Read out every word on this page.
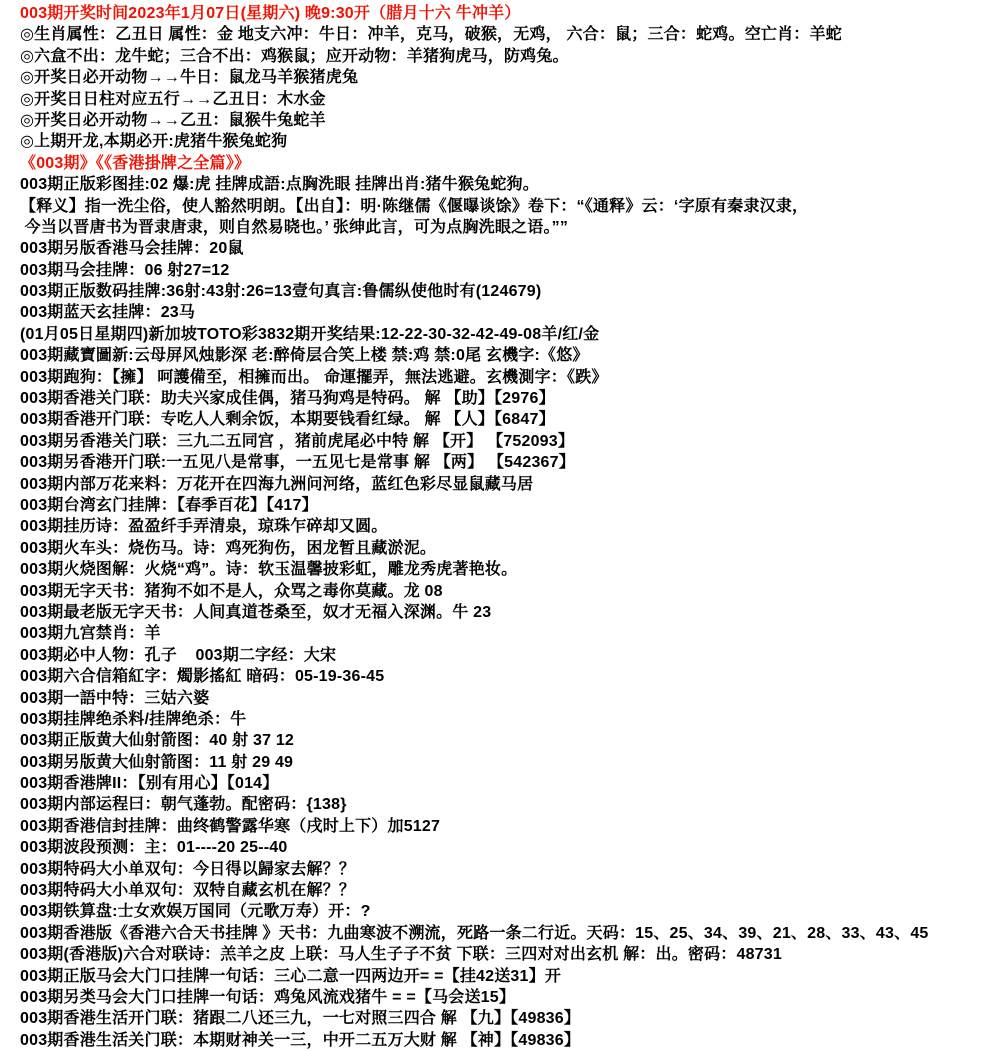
003期开奖时间2023年1月07日(星期六) 晚9:30开（腊月十六 牛冲羊）
◎生肖属性：乙丑日 属性：金 地支六冲：牛日：冲羊，克马，破猴，无鸡， 六合：鼠；三合：蛇鸡。空亡肖：羊蛇
◎六盒不出：龙牛蛇；三合不出：鸡猴鼠；应开动物：羊猪狗虎马，防鸡兔。
◎开奖日必开动物→→牛日：鼠龙马羊猴猪虎兔
◎开奖日日柱对应五行→→乙丑日：木水金
◎开奖日必开动物→→乙丑：鼠猴牛兔蛇羊
◎上期开龙,本期必开:虎猪牛猴兔蛇狗
《003期》《《香港掛牌之全篇》》
003期正版彩图挂:02 爆:虎 挂牌成語:点胸洗眼 挂牌出肖:猪牛猴兔蛇狗。
【释义】指一洗尘俗，使人豁然明朗。【出自】：明·陈继儒《偃曝谈馀》卷下：“《通释》云：‘字原有秦隶汉隶，
今当以晋唐书为晋隶唐隶，则自然易晓也。’ 张绅此言，可为点胸洗眼之语。””
003期另版香港马会挂牌：20鼠
003期马会挂牌：06 射27=12
003期正版数码挂牌:36射:43射:26=13壹句真言:鲁儒纵使他时有(124679)
003期蓝天玄挂牌：23马
(01月05日星期四)新加坡TOTO彩3832期开奖结果:12-22-30-32-42-49-08羊/红/金
003期藏寶圖新:云母屏风烛影深 老:醉倚层合笑上楼 禁:鸡 禁:0尾 玄機字:《悠》
003期跑狗：【擁】 呵護備至，相擁而出。 命運擺弄，無法逃避。玄機測字：《跌》
003期香港关门联：助夫兴家成佳偶，猪马狗鸡是特码。 解 【助】【2976】
003期香港开门联：专吃人人剩余饭，本期要钱看红绿。 解 【人】【6847】
003期另香港关门联：三九二五同宫 ，猪前虎尾必中特 解 【开】 【752093】
003期另香港开门联:一五见八是常事，一五见七是常事 解 【两】 【542367】
003期内部万花来料：万花开在四海九洲问河络，蓝红色彩尽显鼠藏马居
003期台湾玄门挂牌：【春季百花】【417】
003期挂历诗：盈盈纤手弄清泉，琼珠乍碎却又圆。
003期火车头：烧伤马。诗：鸡死狗伤，困龙暂且藏淤泥。
003期火烧图解：火烧“鸡”。诗：软玉温馨披彩虹，雕龙秀虎著艳妆。
003期无字天书：猪狗不如不是人，众骂之毒你莫藏。龙 08
003期最老版无字天书：人间真道苍桑至，奴才无福入深渊。牛 23
003期九宫禁肖：羊
003期必中人物：孔子    003期二字经：大宋
003期六合信箱紅字：燭影搖紅 暗码：05-19-36-45
003期一語中特：三姑六婆
003期挂牌绝杀料/挂牌绝杀：牛
003期正版黄大仙射箭图：40 射 37 12
003期另版黄大仙射箭图：11 射 29 49
003期香港牌II：【别有用心】【014】
003期内部运程曰：朝气蓬勃。配密码：{138}
003期香港信封挂牌：曲终鹤警露华寒（戌时上下）加5127
003期波段预测：主：01----20 25--40
003期特码大小单双句：今日得以歸家去解？？
003期特码大小单双句：双特自藏玄机在解？？
003期铁算盘:士女欢娱万国同（元歌万寿）开：?
003期香港版《香港六合天书挂牌 》天书：九曲寒波不溯流，死路一条二行近。天码：15、25、34、39、21、28、33、43、45
003期(香港版)六合对联诗：羔羊之皮 上联：马人生子子不贫 下联：三四对对出玄机 解：出。密码：48731
003期正版马会大门口挂牌一句话：三心二意一四两边开= =【挂42送31】开
003期另类马会大门口挂牌一句话：鸡兔风流戏猪牛 = =【马会送15】
003期香港生活开门联：猪跟二八还三九，一七对照三四合 解 【九】【49836】
003期香港生活关门联：本期财神关一三，中开二五万大财 解 【神】【49836】
